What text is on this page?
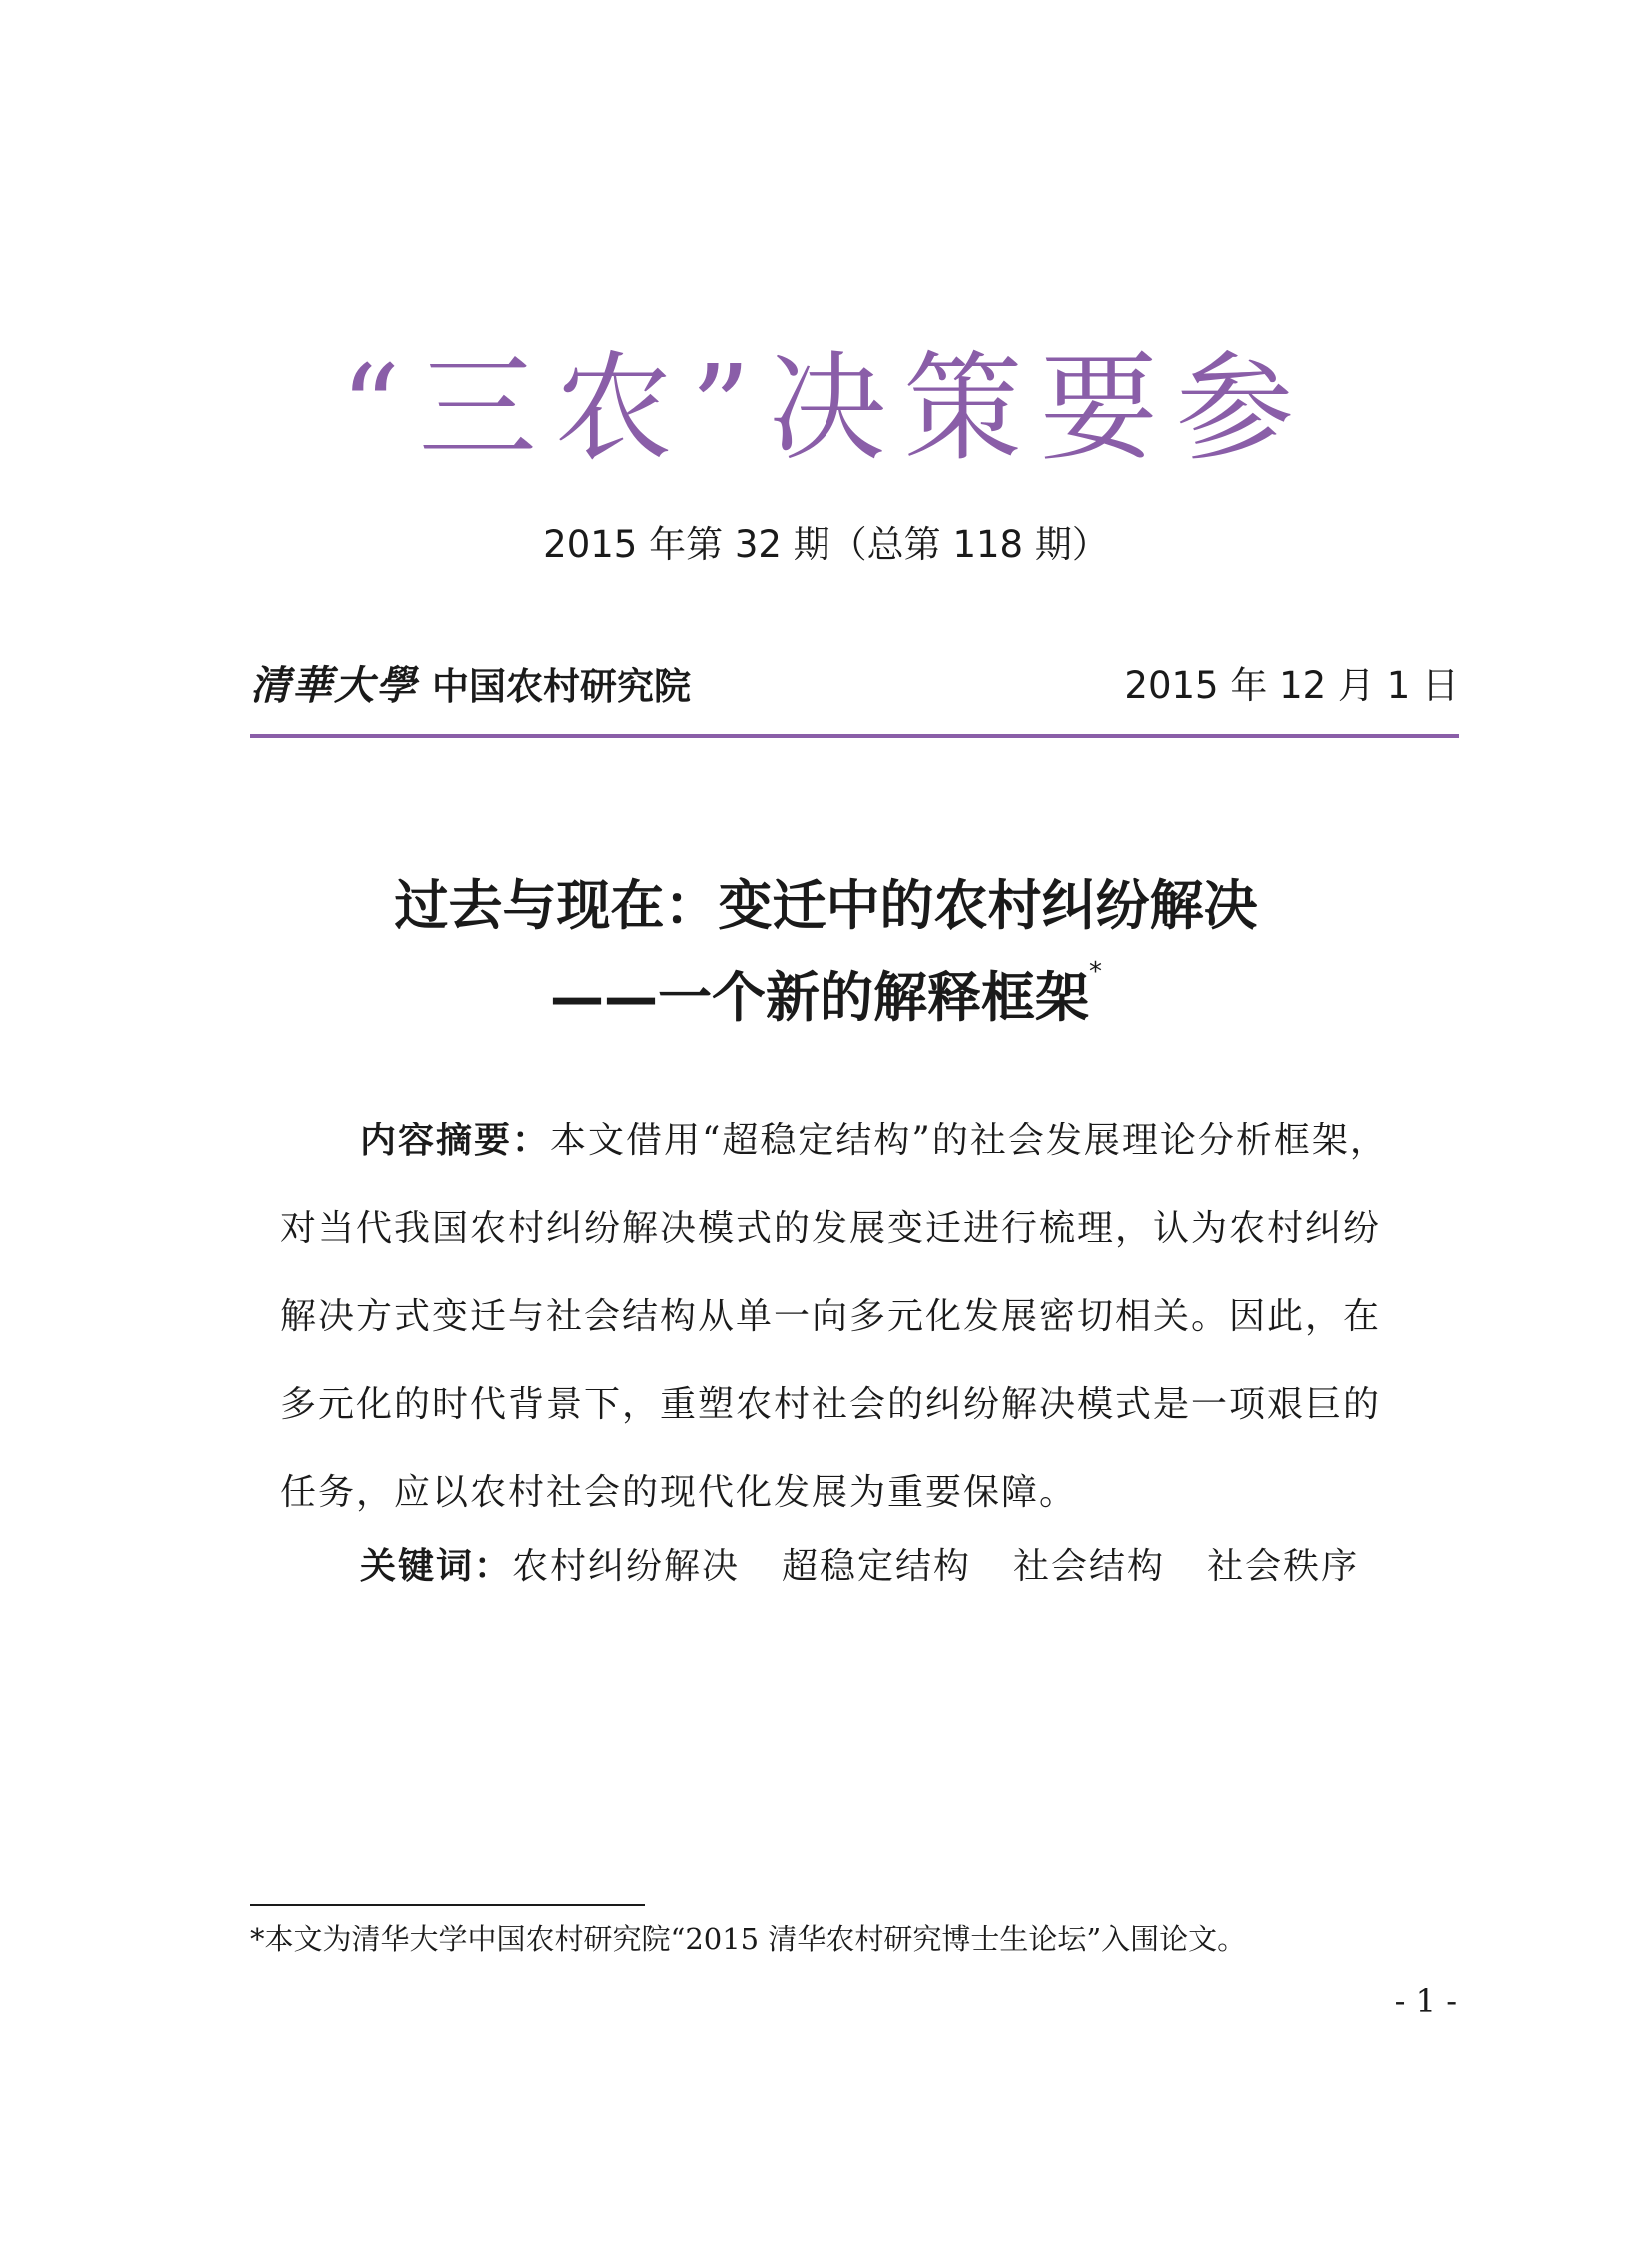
“三农”决策要参
2015 年第 32 期（总第 118 期）
清華大學 中国农村研究院	2015 年 12 月 1 日
过去与现在：变迁中的农村纠纷解决
——一个新的解释框架*
内容摘要： 本文借用“超稳定结构”的社会发展理论分析框架，
对当代我国农村纠纷解决模式的发展变迁进行梳理，认为农村纠纷
解决方式变迁与社会结构从单一向多元化发展密切相关。因此，在
多元化的时代背景下，重塑农村社会的纠纷解决模式是一项艰巨的
任务，应以农村社会的现代化发展为重要保障。
关键词：农村纠纷解决 超稳定结构 社会结构 社会秩序
*本文为清华大学中国农村研究院“2015 清华农村研究博士生论坛”入围论文。
- 1 -
